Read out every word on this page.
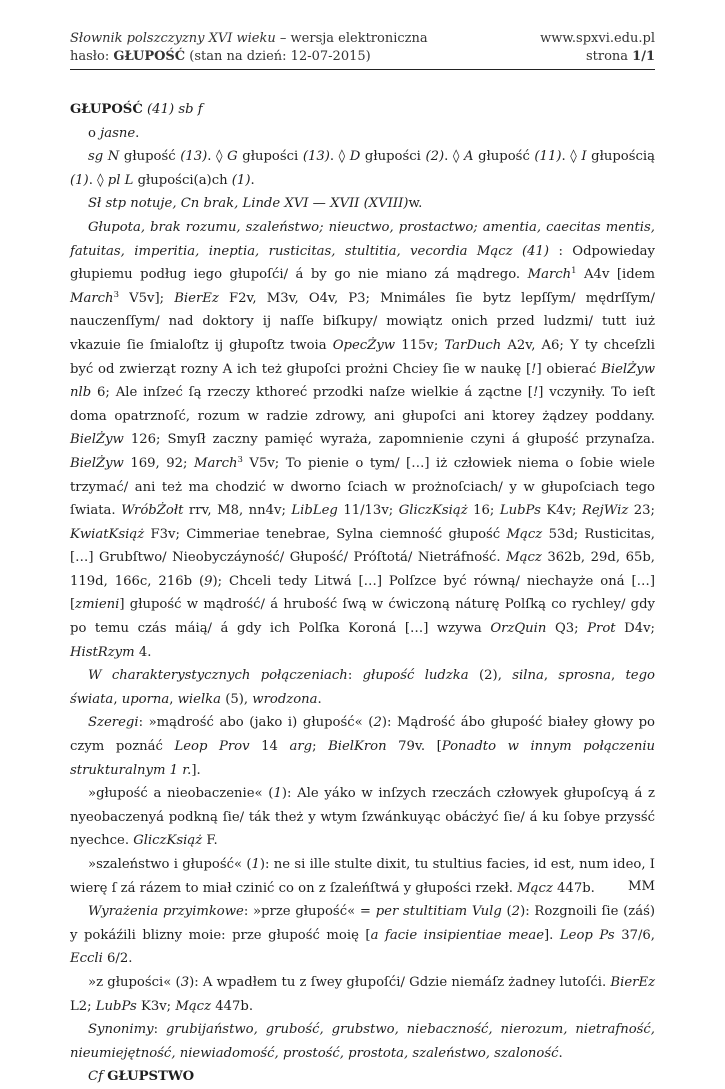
Słownik polszczyzny XVI wieku – wersja elektroniczna	www.spxvi.edu.pl
hasło: GŁUPOŚĆ (stan na dzień: 12-07-2015)	strona 1/1

GŁUPOŚĆ (41) sb f

o jasne.

sg N głupość (13). ◊ G głupości (13). ◊ D głupości (2). ◊ A głupość (11). ◊ I głupością (1). ◊ pl L głupości(a)ch (1).

Sł stp notuje, Cn brak, Linde XVI — XVII (XVIII)w.

Głupota, brak rozumu, szaleństwo; nieuctwo, prostactwo; amentia, caecitas mentis, fatuitas, imperitia, ineptia, rusticitas, stultitia, vecordia Mącz (41) : Odpowieday głupiemu podług iego głupoſći/ á by go nie miano zá mądrego. March$^1$ A4v [idem March$^3$ V5v]; BierEz F2v, M3v, O4v, P3; Mnimáles ſie bytz lepſſym/ mędrſſym/ nauczenſſym/ nad doktory ij naſſe biſkupy/ mowiątz onich przed ludzmi/ tutt iuż vkazuie ſie ſmialoſtz ij głupoſtz twoia OpecŻyw 115v; TarDuch A2v, A6; Y ty chceſzli być od zwierząt rozny A ich też głupoſci prożni Chciey ſie w naukę [!] obierać BielŻyw nlb 6; Ale inſzeć ſą rzeczy kthoreć przodki naſze wielkie á ząctne [!] vczyniły. To ieſt doma opatrznoſć, rozum w radzie zdrowy, ani głupoſci ani ktorey żądzey poddany. BielŻyw 126; Smyſł zaczny pamięć wyraża, zapomnienie czyni á głupość przynaſza. BielŻyw 169, 92; March$^3$ V5v; To pienie o tym/ […] iż człowiek niema o ſobie wiele trzymać/ ani też ma chodzić w dworno ſciach w prożnoſciach/ y w głupoſciach tego ſwiata. WróbŻołt rrv, M8, nn4v; LibLeg 11/13v; GliczKsiąż 16; LubPs K4v; RejWiz 23; KwiatKsiąż F3v; Cimmeriae tenebrae, Sylna ciemność głupość Mącz 53d; Rusticitas, […] Grubſtwo/ Nieobyczáyność/ Głupość/ Próſtotá/ Nietráfność. Mącz 362b, 29d, 65b, 119d, 166c, 216b (9); Chceli tedy Litwá […] Polſzce być równą/ niechayże oná […] [zmieni] głupość w mądrość/ á hrubość ſwą w ćwiczoną náturę Polſką co rychley/ gdy po temu czás máią/ á gdy ich Polſka Koroná […] wzywa OrzQuin Q3; Prot D4v; HistRzym 4.

W charakterystycznych połączeniach: głupość ludzka (2), silna, sprosna, tego świata, uporna, wielka (5), wrodzona.

Szeregi: »mądrość abo (jako i) głupość« (2): Mądrość ábo głupość białey głowy po czym poznáć Leop Prov 14 arg; BielKron 79v. [Ponadto w innym połączeniu strukturalnym 1 r.].

»głupość a nieobaczenie« (1): Ale yáko w inſzych rzeczách człowyek głupoſcyą á z nyeobaczenyá podkną ſie/ ták theż y wtym ſzwánkuyąc obácżyć ſie/ á ku ſobye przysść nyechce. GliczKsiąż F.

»szaleństwo i głupość« (1): ne si ille stulte dixit, tu stultius facies, id est, num ideo, I wierę ſ zá rázem to miał czinić co on z ſzaleńſtwá y głupości rzekł. Mącz 447b.

Wyrażenia przyimkowe: »prze głupość« = per stultitiam Vulg (2): Rozgnoili ſie (záś) y pokáźili blizny moie: prze głupość moię [a facie insipientiae meae]. Leop Ps 37/6, Eccli 6/2.

»z głupości« (3): A wpadłem tu z ſwey głupoſći/ Gdzie niemáſz żadney lutoſći. BierEz L2; LubPs K3v; Mącz 447b.

Synonimy: grubijaństwo, grubość, grubstwo, niebaczność, nierozum, nietrafność, nieumiejętność, niewiadomość, prostość, prostota, szaleństwo, szaloność.

Cf GŁUPSTWO

MM
